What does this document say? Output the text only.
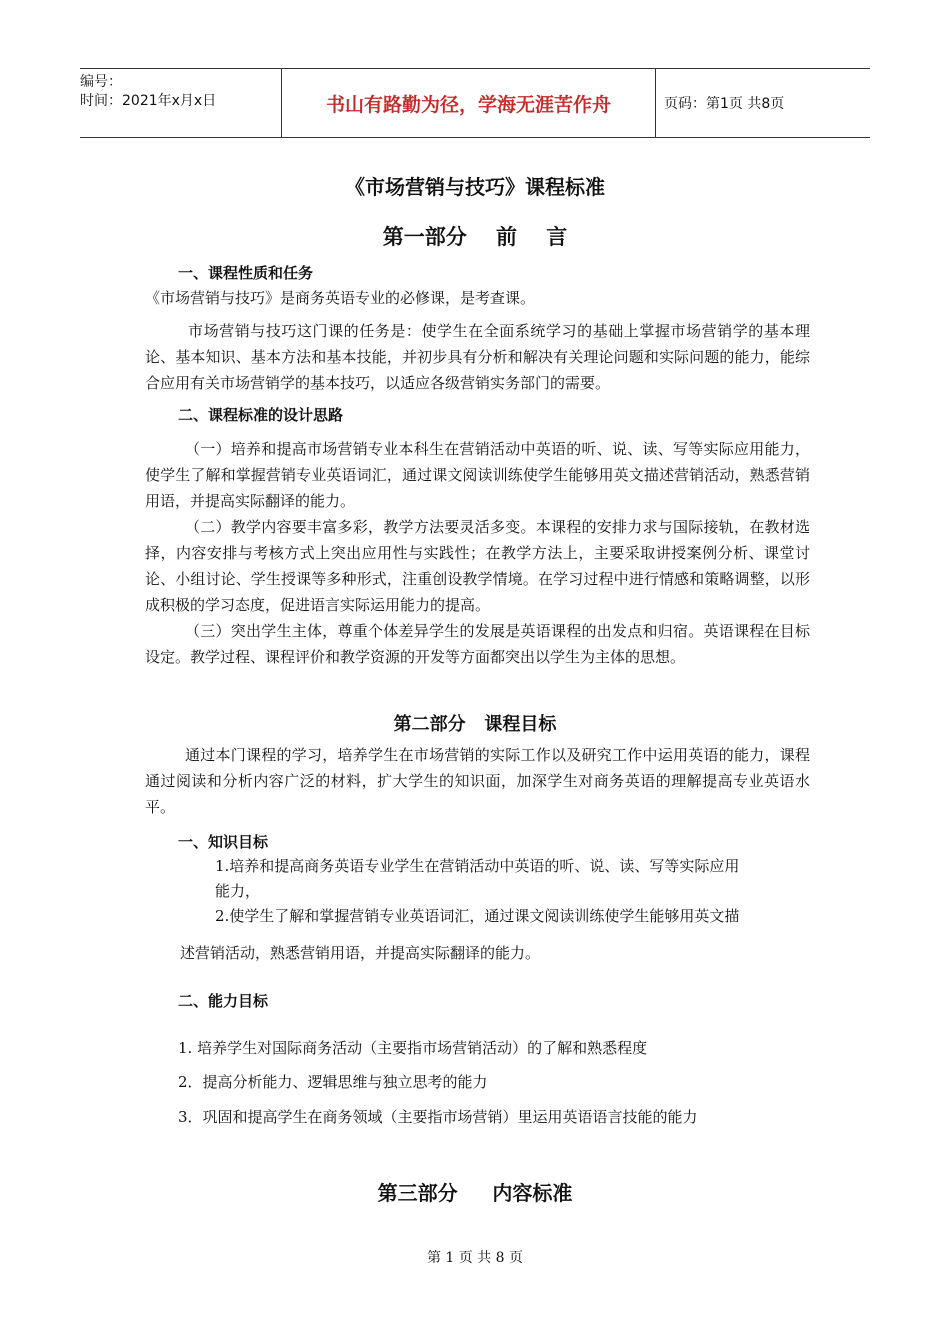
编号：
时间：2021年x月x日	书山有路勤为径，学海无涯苦作舟	页码：第1页 共8页
《市场营销与技巧》课程标准
第一部分    前    言
一、课程性质和任务
《市场营销与技巧》是商务英语专业的必修课，是考查课。
市场营销与技巧这门课的任务是：使学生在全面系统学习的基础上掌握市场营销学的基本理论、基本知识、基本方法和基本技能，并初步具有分析和解决有关理论问题和实际问题的能力，能综合应用有关市场营销学的基本技巧，以适应各级营销实务部门的需要。
二、课程标准的设计思路
（一）培养和提高市场营销专业本科生在营销活动中英语的听、说、读、写等实际应用能力，使学生了解和掌握营销专业英语词汇，通过课文阅读训练使学生能够用英文描述营销活动，熟悉营销用语，并提高实际翻译的能力。
（二）教学内容要丰富多彩，教学方法要灵活多变。本课程的安排力求与国际接轨，在教材选择，内容安排与考核方式上突出应用性与实践性；在教学方法上，主要采取讲授案例分析、课堂讨论、小组讨论、学生授课等多种形式，注重创设教学情境。在学习过程中进行情感和策略调整，以形成积极的学习态度，促进语言实际运用能力的提高。
（三）突出学生主体，尊重个体差异学生的发展是英语课程的出发点和归宿。英语课程在目标设定。教学过程、课程评价和教学资源的开发等方面都突出以学生为主体的思想。
第二部分   课程目标
通过本门课程的学习，培养学生在市场营销的实际工作以及研究工作中运用英语的能力，课程通过阅读和分析内容广泛的材料，扩大学生的知识面，加深学生对商务英语的理解提高专业英语水平。
一、知识目标
1.培养和提高商务英语专业学生在营销活动中英语的听、说、读、写等实际应用
能力，
2.使学生了解和掌握营销专业英语词汇，通过课文阅读训练使学生能够用英文描
述营销活动，熟悉营销用语，并提高实际翻译的能力。
二、能力目标
1. 培养学生对国际商务活动（主要指市场营销活动）的了解和熟悉程度
2．提高分析能力、逻辑思维与独立思考的能力
3．巩固和提高学生在商务领域（主要指市场营销）里运用英语语言技能的能力
第三部分     内容标准
第 1 页 共 8 页
